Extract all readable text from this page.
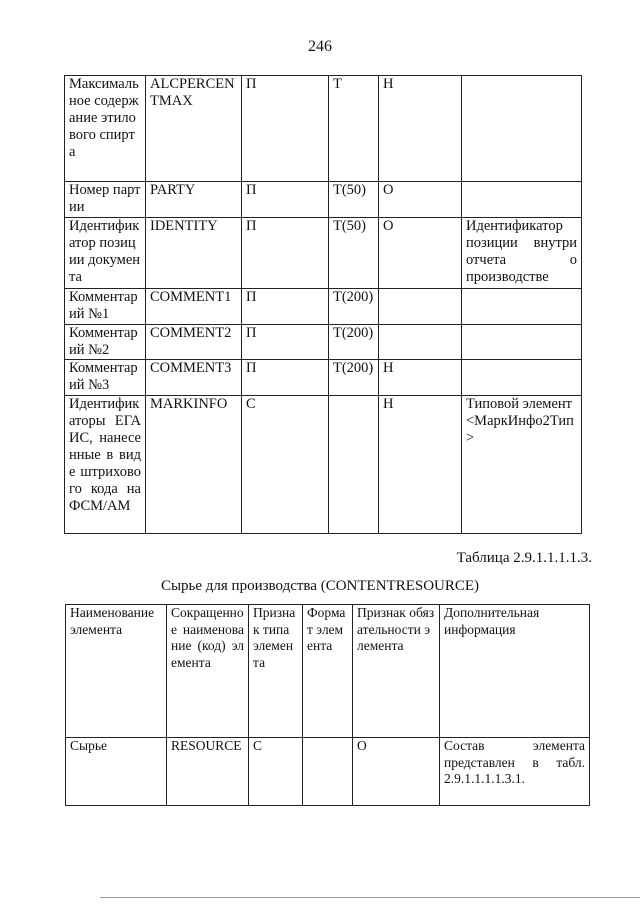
246
Максимальное содержание этилового спирта	ALCPERCENTMAX	П	T	Н	
Номер партии	PARTY	П	T(50)	О	
Идентификатор позиции документа	IDENTITY	П	T(50)	О	Идентификатор позиции внутри отчета о производстве
Комментарий №1	COMMENT1	П	T(200)		
Комментарий №2	COMMENT2	П	T(200)		
Комментарий №3	COMMENT3	П	T(200)	Н	
Идентификаторы ЕГАИС, нанесенные в виде штрихового кода на ФСМ/АМ	MARKINFO	С		Н	Типовой элемент <МаркИнфо2Тип>
Таблица 2.9.1.1.1.1.3.
Сырье для производства (CONTENTRESOURCE)
Наименование элемента	Сокращенное наименование (код) элемента	Признак типа элемента	Формат элемента	Признак обязательности элемента	Дополнительная информация
Сырье	RESOURCE	С		О	Состав элемента представлен в табл. 2.9.1.1.1.1.3.1.
